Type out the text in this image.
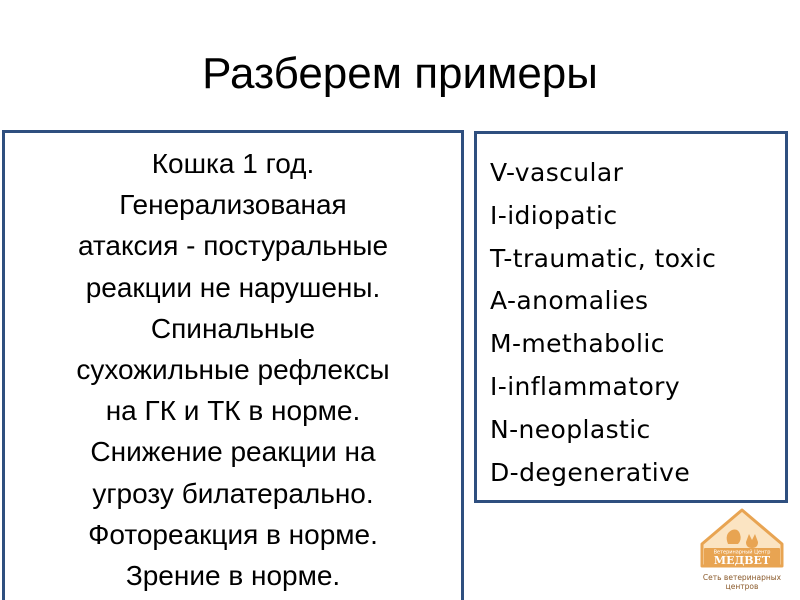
Разберем примеры
Кошка 1 год.
Генерализованая
атаксия - постуральные
реакции не нарушены.
Спинальные
сухожильные рефлексы
на ГК и ТК в норме.
Снижение реакции на
угрозу билатерально.
Фотореакция в норме.
Зрение в норме.
V-vascular
I-idiopatic
T-traumatic, toxic
A-anomalies
M-methabolic
I-inflammatory
N-neoplastic
D-degenerative
Ветеринарный Центр
МЕДВЕТ
Сеть ветеринарных
центров
